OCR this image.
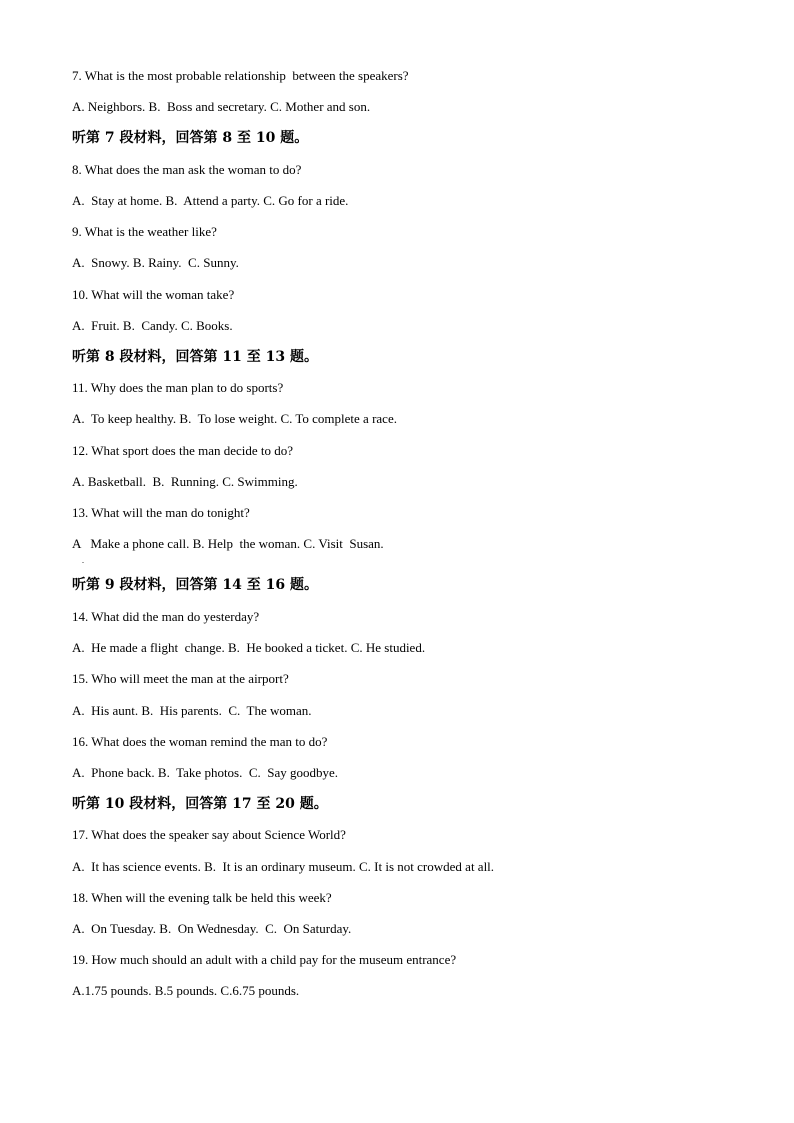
7. What is the most probable relationship  between the speakers?
A. Neighbors. B.  Boss and secretary. C. Mother and son.
听第 7 段材料，回答第 8 至 10 题。
8. What does the man ask the woman to do?
A.  Stay at home. B.  Attend a party. C. Go for a ride.
9. What is the weather like?
A.  Snowy. B. Rainy.  C. Sunny.
10. What will the woman take?
A.  Fruit. B.  Candy. C. Books.
听第 8 段材料，回答第 11 至 13 题。
11. Why does the man plan to do sports?
A.  To keep healthy. B.  To lose weight. C. To complete a race.
12. What sport does the man decide to do?
A. Basketball.  B.  Running. C. Swimming.
13. What will the man do tonight?
A   Make a phone call. B. Help  the woman. C. Visit  Susan.
.
听第 9 段材料，回答第 14 至 16 题。
14. What did the man do yesterday?
A.  He made a flight  change. B.  He booked a ticket. C. He studied.
15. Who will meet the man at the airport?
A.  His aunt. B.  His parents.  C.  The woman.
16. What does the woman remind the man to do?
A.  Phone back. B.  Take photos.  C.  Say goodbye.
听第 10 段材料，回答第 17 至 20 题。
17. What does the speaker say about Science World?
A.  It has science events. B.  It is an ordinary museum. C. It is not crowded at all.
18. When will the evening talk be held this week?
A.  On Tuesday. B.  On Wednesday.  C.  On Saturday.
19. How much should an adult with a child pay for the museum entrance?
A.1.75 pounds. B.5 pounds. C.6.75 pounds.
